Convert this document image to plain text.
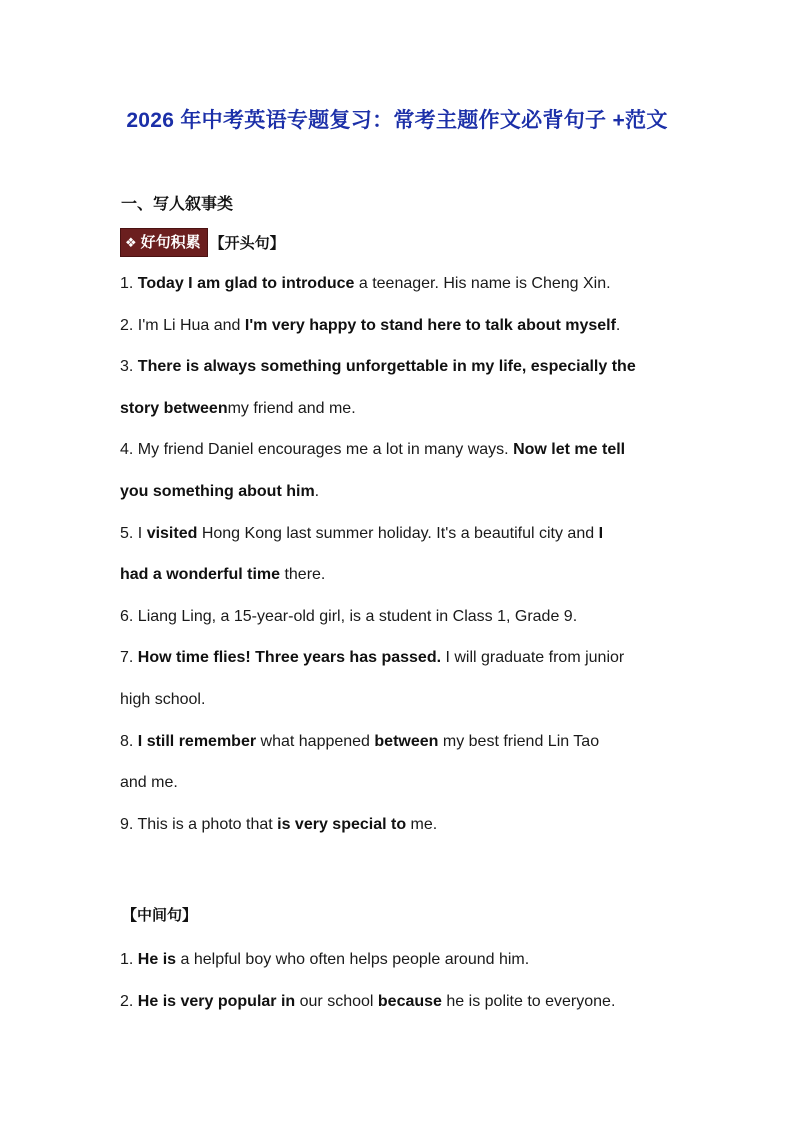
2026 年中考英语专题复习：常考主题作文必背句子 +范文
一、写人叙事类
❖ 好句积累 【开头句】
1. Today I am glad to introduce a teenager. His name is Cheng Xin.
2. I'm Li Hua and I'm very happy to stand here to talk about myself.
3. There is always something unforgettable in my life, especially the
story betweenmy friend and me.
4. My friend Daniel encourages me a lot in many ways. Now let me tell
you something about him.
5. I visited Hong Kong last summer holiday. It's a beautiful city and I
had a wonderful time there.
6. Liang Ling, a 15-year-old girl, is a student in Class 1, Grade 9.
7. How time flies! Three years has passed. I will graduate from junior
high school.
8. I still remember what happened between my best friend Lin Tao
and me.
9. This is a photo that is very special to me.
【中间句】
1. He is a helpful boy who often helps people around him.
2. He is very popular in our school because he is polite to everyone.
